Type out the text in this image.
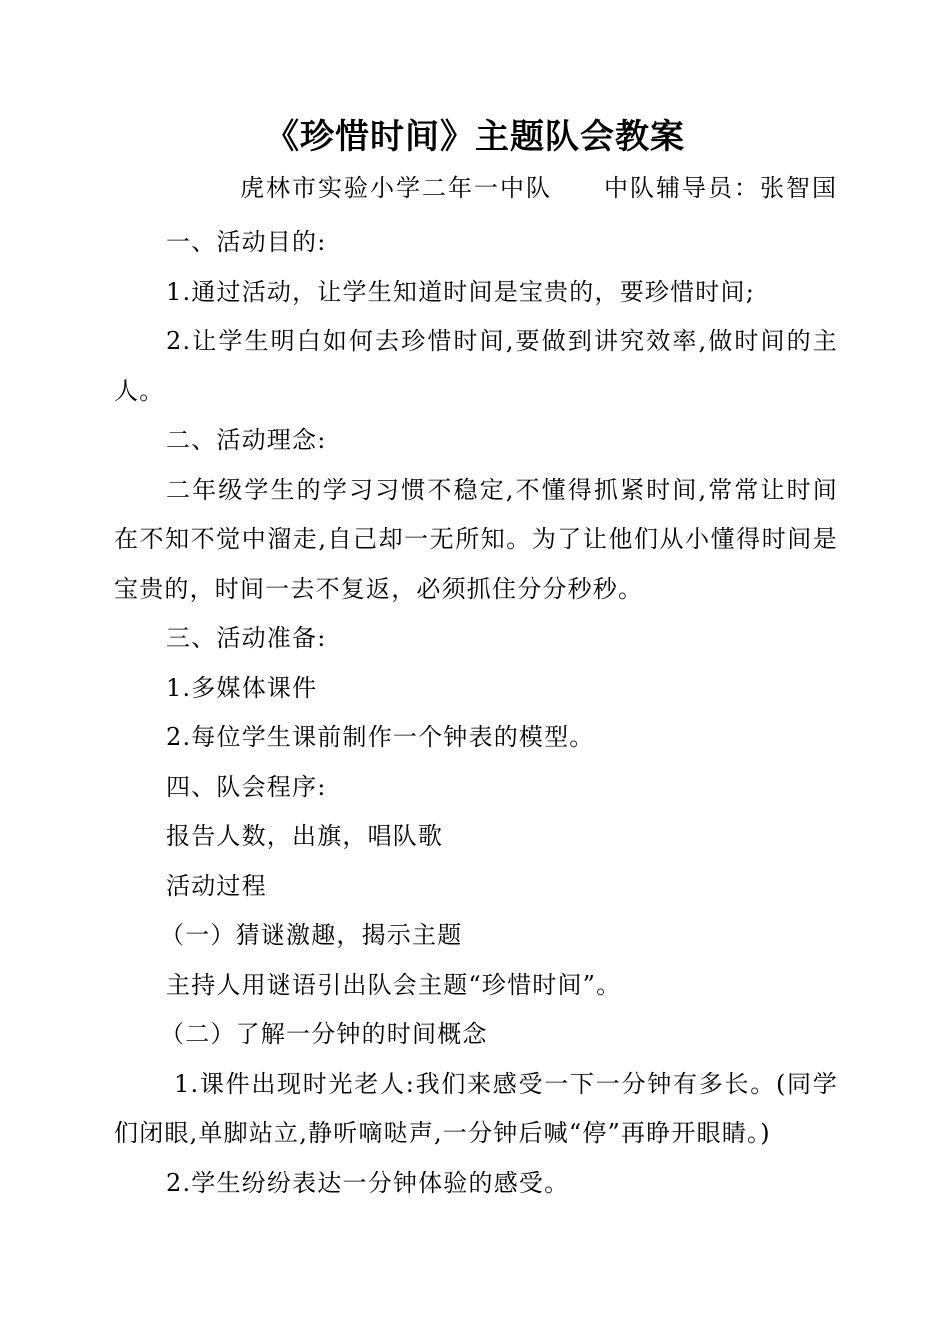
《珍惜时间》主题队会教案
虎林市实验小学二年一中队 中队辅导员：张智国

一、活动目的:

1.通过活动，让学生知道时间是宝贵的，要珍惜时间;

2.让学生明白如何去珍惜时间,要做到讲究效率,做时间的主人。

二、活动理念:

二年级学生的学习习惯不稳定,不懂得抓紧时间,常常让时间在不知不觉中溜走,自己却一无所知。为了让他们从小懂得时间是宝贵的，时间一去不复返，必须抓住分分秒秒。

三、活动准备:

1.多媒体课件

2.每位学生课前制作一个钟表的模型。

四、队会程序:

报告人数，出旗，唱队歌

活动过程

（一）猜谜激趣，揭示主题

主持人用谜语引出队会主题“珍惜时间”。

（二）了解一分钟的时间概念

1.课件出现时光老人:我们来感受一下一分钟有多长。(同学们闭眼,单脚站立,静听嘀哒声,一分钟后喊“停”再睁开眼睛。)

2.学生纷纷表达一分钟体验的感受。
